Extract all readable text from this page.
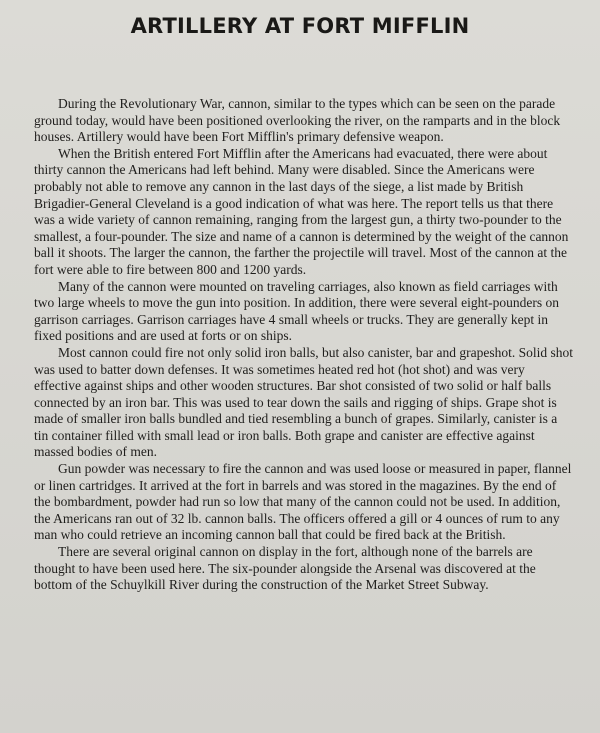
ARTILLERY AT FORT MIFFLIN

During the Revolutionary War, cannon, similar to the types which can be seen on the parade ground today, would have been positioned overlooking the river, on the ramparts and in the block houses. Artillery would have been Fort Mifflin's primary defensive weapon.

When the British entered Fort Mifflin after the Americans had evacuated, there were about thirty cannon the Americans had left behind. Many were disabled. Since the Americans were probably not able to remove any cannon in the last days of the siege, a list made by British Brigadier-General Cleveland is a good indication of what was here. The report tells us that there was a wide variety of cannon remaining, ranging from the largest gun, a thirty two-pounder to the smallest, a four-pounder. The size and name of a cannon is determined by the weight of the cannon ball it shoots. The larger the cannon, the farther the projectile will travel. Most of the cannon at the fort were able to fire between 800 and 1200 yards.

Many of the cannon were mounted on traveling carriages, also known as field carriages with two large wheels to move the gun into position. In addition, there were several eight-pounders on garrison carriages. Garrison carriages have 4 small wheels or trucks. They are generally kept in fixed positions and are used at forts or on ships.

Most cannon could fire not only solid iron balls, but also canister, bar and grapeshot. Solid shot was used to batter down defenses. It was sometimes heated red hot (hot shot) and was very effective against ships and other wooden structures. Bar shot consisted of two solid or half balls connected by an iron bar. This was used to tear down the sails and rigging of ships. Grape shot is made of smaller iron balls bundled and tied resembling a bunch of grapes. Similarly, canister is a tin container filled with small lead or iron balls. Both grape and canister are effective against massed bodies of men.

Gun powder was necessary to fire the cannon and was used loose or measured in paper, flannel or linen cartridges. It arrived at the fort in barrels and was stored in the magazines. By the end of the bombardment, powder had run so low that many of the cannon could not be used. In addition, the Americans ran out of 32 lb. cannon balls. The officers offered a gill or 4 ounces of rum to any man who could retrieve an incoming cannon ball that could be fired back at the British.

There are several original cannon on display in the fort, although none of the barrels are thought to have been used here. The six-pounder alongside the Arsenal was discovered at the bottom of the Schuylkill River during the construction of the Market Street Subway.
